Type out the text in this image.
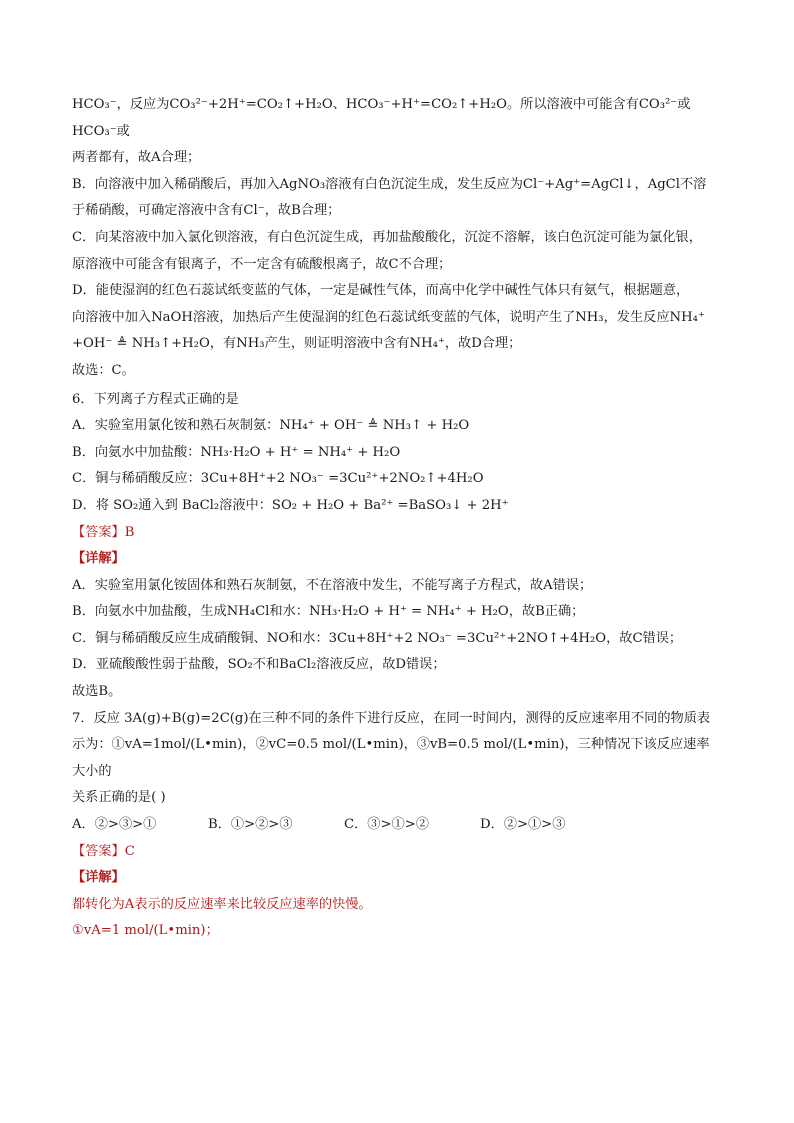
HCO₃⁻，反应为CO₃²⁻+2H⁺=CO₂↑+H₂O、HCO₃⁻+H⁺=CO₂↑+H₂O。所以溶液中可能含有CO₃²⁻或HCO₃⁻或

两者都有，故A合理；

B．向溶液中加入稀硝酸后，再加入AgNO₃溶液有白色沉淀生成，发生反应为Cl⁻+Ag⁺=AgCl↓，AgCl不溶

于稀硝酸，可确定溶液中含有Cl⁻，故B合理；

C．向某溶液中加入氯化钡溶液，有白色沉淀生成，再加盐酸酸化，沉淀不溶解，该白色沉淀可能为氯化银，

原溶液中可能含有银离子，不一定含有硫酸根离子，故C不合理；

D．能使湿润的红色石蕊试纸变蓝的气体，一定是碱性气体，而高中化学中碱性气体只有氨气，根据题意，

向溶液中加入NaOH溶液，加热后产生使湿润的红色石蕊试纸变蓝的气体，说明产生了NH₃，发生反应NH₄⁺

+OH⁻ ≜ NH₃↑+H₂O，有NH₃产生，则证明溶液中含有NH₄⁺，故D合理；

故选：C。

6．下列离子方程式正确的是

A．实验室用氯化铵和熟石灰制氨：NH₄⁺ + OH⁻ ≜ NH₃↑ + H₂O

B．向氨水中加盐酸：NH₃·H₂O + H⁺ = NH₄⁺ + H₂O

C．铜与稀硝酸反应：3Cu+8H⁺+2 NO₃⁻ =3Cu²⁺+2NO₂↑+4H₂O

D．将 SO₂通入到 BaCl₂溶液中：SO₂ + H₂O + Ba²⁺ =BaSO₃↓ + 2H⁺

【答案】B

【详解】

A．实验室用氯化铵固体和熟石灰制氨，不在溶液中发生，不能写离子方程式，故A错误；

B．向氨水中加盐酸，生成NH₄Cl和水：NH₃·H₂O + H⁺ = NH₄⁺ + H₂O，故B正确；

C．铜与稀硝酸反应生成硝酸铜、NO和水：3Cu+8H⁺+2 NO₃⁻ =3Cu²⁺+2NO↑+4H₂O，故C错误；

D．亚硫酸酸性弱于盐酸，SO₂不和BaCl₂溶液反应，故D错误；

故选B。

7．反应 3A(g)+B(g)=2C(g)在三种不同的条件下进行反应，在同一时间内，测得的反应速率用不同的物质表

示为：①vA=1mol/(L•min)，②vC=0.5 mol/(L•min)，③vB=0.5 mol/(L•min)，三种情况下该反应速率大小的

关系正确的是( )

A．②>③>①	B．①>②>③	C．③>①>②	D．②>①>③

【答案】C

【详解】

都转化为A表示的反应速率来比较反应速率的快慢。

①vA=1 mol/(L•min)；
